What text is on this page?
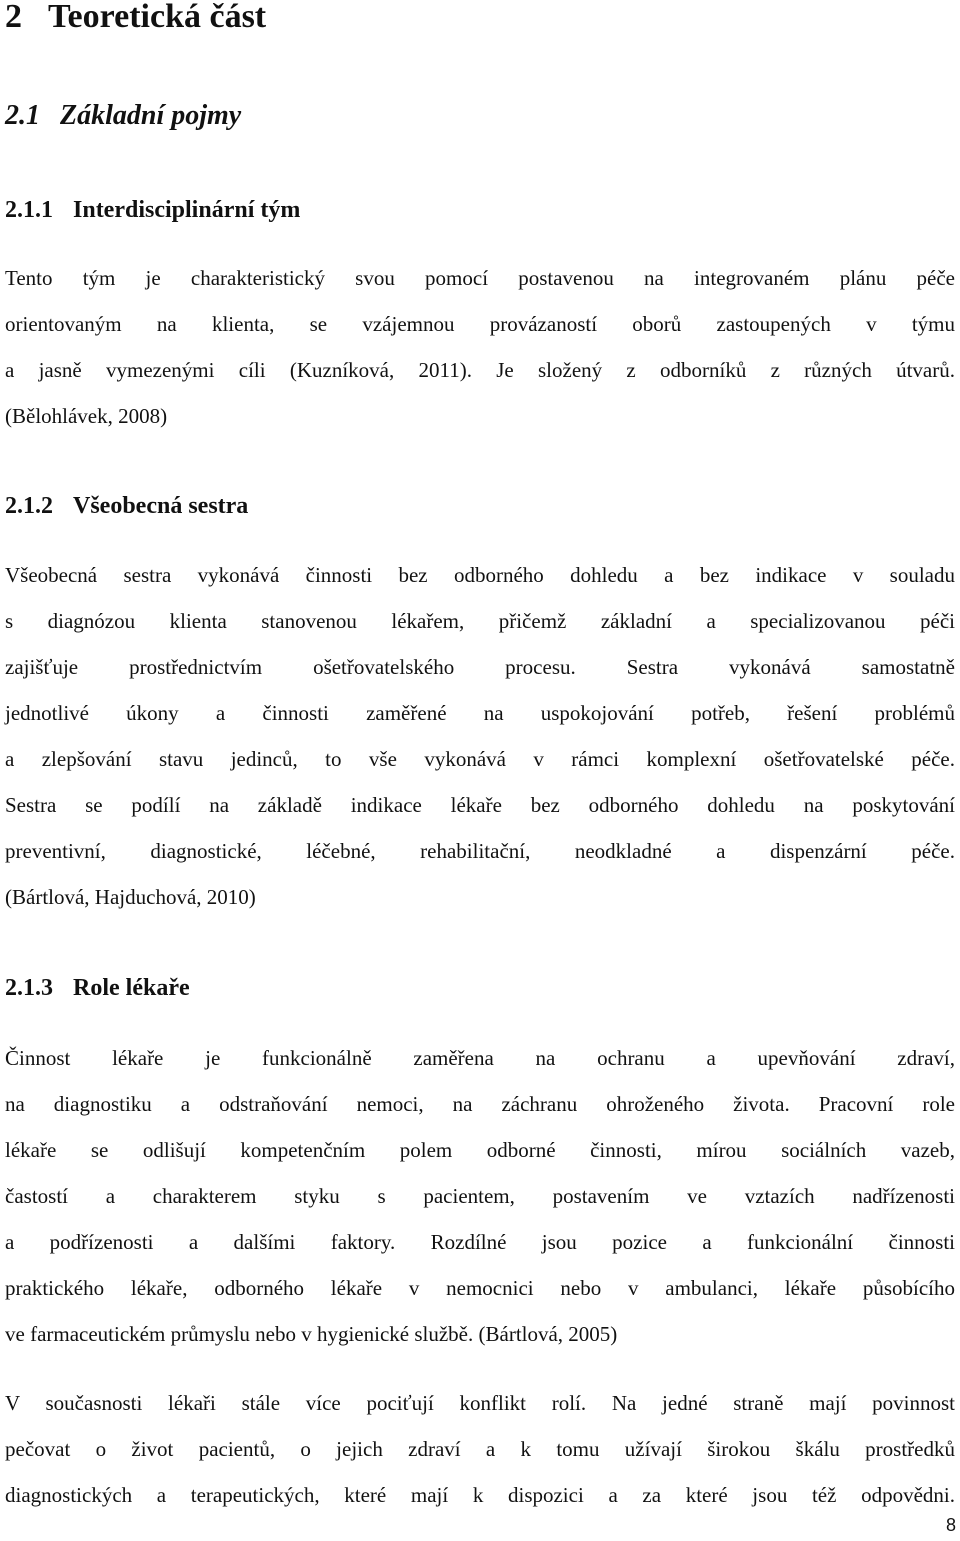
2 Teoretická část
2.1 Základní pojmy
2.1.1 Interdisciplinární tým
Tento tým je charakteristický svou pomocí postavenou na integrovaném plánu péče
orientovaným na klienta, se vzájemnou provázaností oborů zastoupených v týmu
a jasně vymezenými cíli (Kuzníková, 2011). Je složený z odborníků z různých útvarů.
(Bělohlávek, 2008)
2.1.2 Všeobecná sestra
Všeobecná sestra vykonává činnosti bez odborného dohledu a bez indikace v souladu
s diagnózou klienta stanovenou lékařem, přičemž základní a specializovanou péči
zajišťuje prostřednictvím ošetřovatelského procesu. Sestra vykonává samostatně
jednotlivé úkony a činnosti zaměřené na uspokojování potřeb, řešení problémů
a zlepšování stavu jedinců, to vše vykonává v rámci komplexní ošetřovatelské péče.
Sestra se podílí na základě indikace lékaře bez odborného dohledu na poskytování
preventivní, diagnostické, léčebné, rehabilitační, neodkladné a dispenzární péče.
(Bártlová, Hajduchová, 2010)
2.1.3 Role lékaře
Činnost lékaře je funkcionálně zaměřena na ochranu a upevňování zdraví,
na diagnostiku a odstraňování nemoci, na záchranu ohroženého života. Pracovní role
lékaře se odlišují kompetenčním polem odborné činnosti, mírou sociálních vazeb,
častostí a charakterem styku s pacientem, postavením ve vztazích nadřízenosti
a podřízenosti a dalšími faktory. Rozdílné jsou pozice a funkcionální činnosti
praktického lékaře, odborného lékaře v nemocnici nebo v ambulanci, lékaře působícího
ve farmaceutickém průmyslu nebo v hygienické službě. (Bártlová, 2005)
V současnosti lékaři stále více pociťují konflikt rolí. Na jedné straně mají povinnost
pečovat o život pacientů, o jejich zdraví a k tomu užívají širokou škálu prostředků
diagnostických a terapeutických, které mají k dispozici a za které jsou též odpovědni.
8
